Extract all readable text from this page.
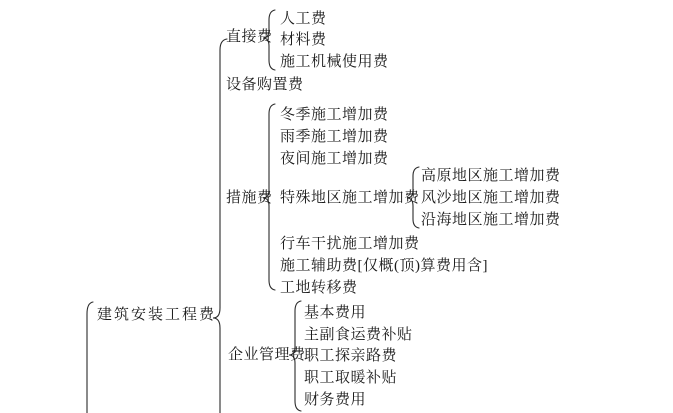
建筑安装工程费
直接费
设备购置费
措施费
企业管理费
人工费
材料费
施工机械使用费
冬季施工增加费
雨季施工增加费
夜间施工增加费
特殊地区施工增加费
行车干扰施工增加费
施工辅助费[仅概(顶)算费用含]
工地转移费
高原地区施工增加费
风沙地区施工增加费
沿海地区施工增加费
基本费用
主副食运费补贴
职工探亲路费
职工取暖补贴
财务费用
